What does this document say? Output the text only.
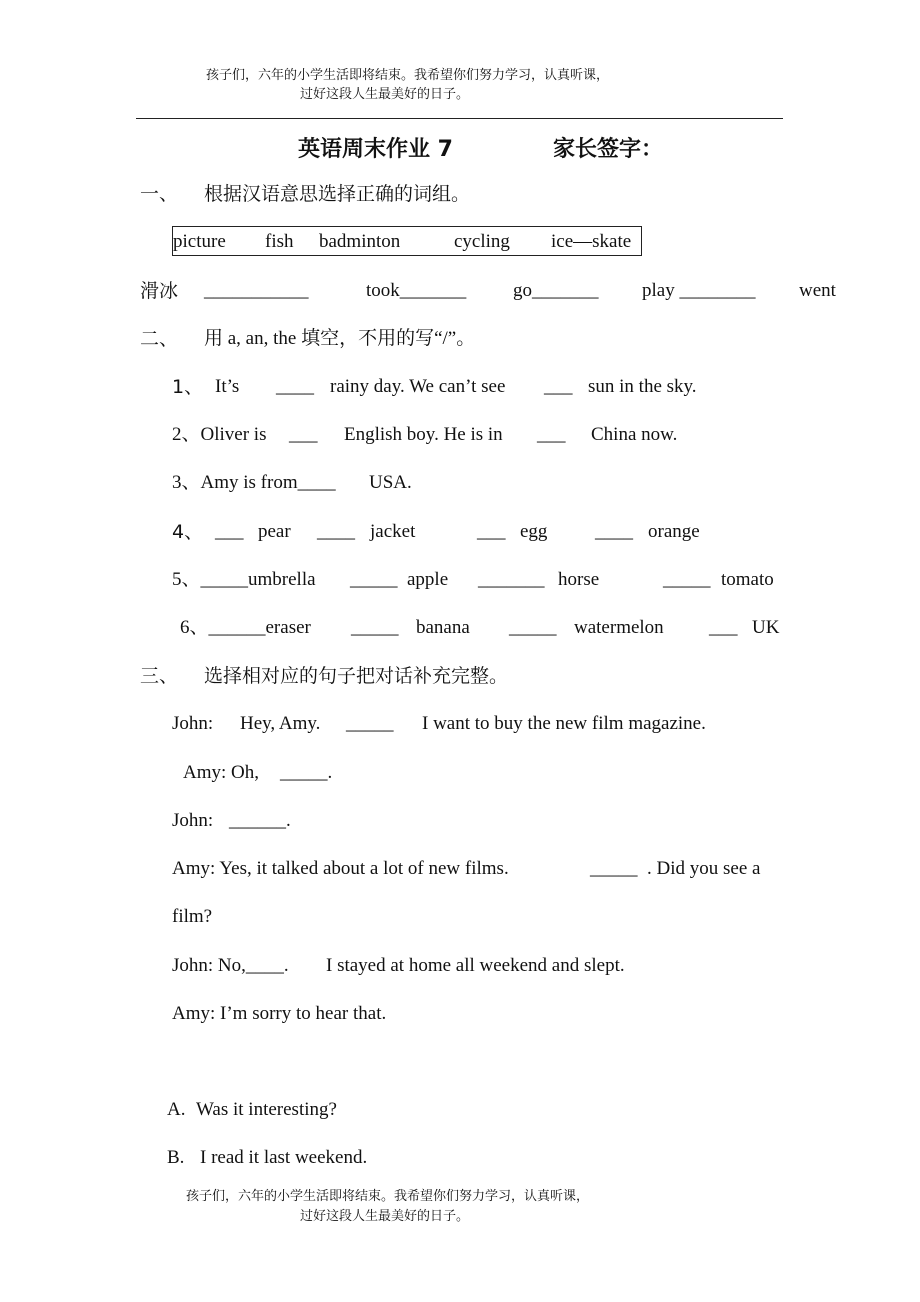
孩子们，六年的小学生活即将结束。我希望你们努力学习，认真听课，
过好这段人生最美好的日子。
英语周末作业 7	家长签字：
一、 根据汉语意思选择正确的词组。
picture fish badminton	cycling ice—skate
滑冰 ___________	took_______ go_______ play ________ went
二、 用 a, an, the 填空，不用的写“/”。
1、 It’s ____ rainy day. We can’t see ___ sun in the sky.
2、Oliver is ___ English boy. He is in ___ China now.
3、Amy is from____ USA.
4、 ___ pear ____ jacket	___ egg	____ orange
5、_____umbrella _____ apple _______ horse	_____ tomato
6、______eraser _____ banana _____ watermelon ___ UK
三、 选择相对应的句子把对话补充完整。
John: Hey, Amy. _____ I want to buy the new film magazine.
Amy: Oh, _____.
John: ______.
Amy: Yes, it talked about a lot of new films.	_____ . Did you see a
film?
John: No,____. I stayed at home all weekend and slept.
Amy: I’m sorry to hear that.
A. Was it interesting?
B. I read it last weekend.
孩子们，六年的小学生活即将结束。我希望你们努力学习，认真听课，
过好这段人生最美好的日子。
